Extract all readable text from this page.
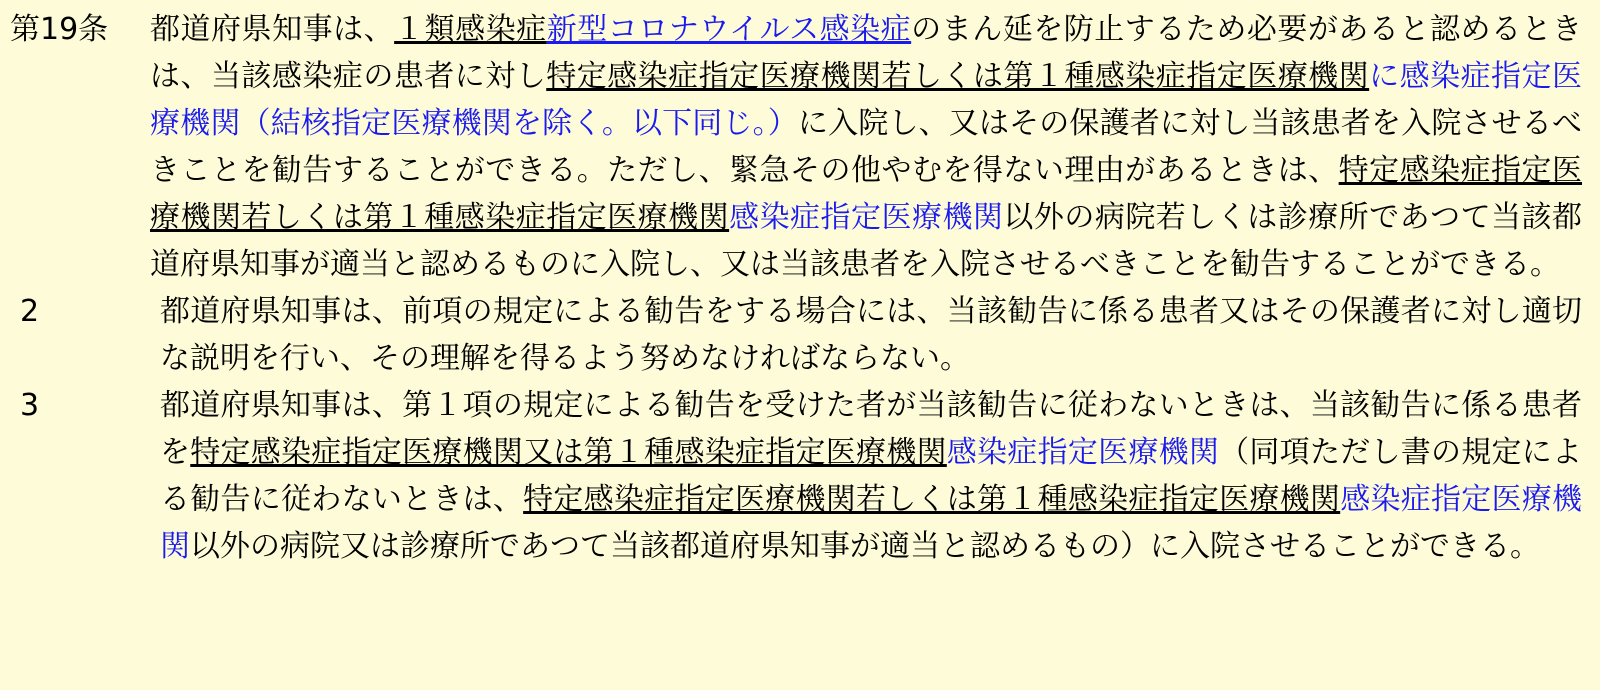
第19条	都道府県知事は、１類感染症新型コロナウイルス感染症のまん延を防止するため必要があると認めるときは、当該感染症の患者に対し特定感染症指定医療機関若しくは第１種感染症指定医療機関に感染症指定医療機関（結核指定医療機関を除く。以下同じ。）に入院し、又はその保護者に対し当該患者を入院させるべきことを勧告することができる。ただし、緊急その他やむを得ない理由があるときは、特定感染症指定医療機関若しくは第１種感染症指定医療機関感染症指定医療機関以外の病院若しくは診療所であつて当該都道府県知事が適当と認めるものに入院し、又は当該患者を入院させるべきことを勧告することができる。
2	都道府県知事は、前項の規定による勧告をする場合には、当該勧告に係る患者又はその保護者に対し適切な説明を行い、その理解を得るよう努めなければならない。
3	都道府県知事は、第１項の規定による勧告を受けた者が当該勧告に従わないときは、当該勧告に係る患者を特定感染症指定医療機関又は第１種感染症指定医療機関感染症指定医療機関（同項ただし書の規定による勧告に従わないときは、特定感染症指定医療機関若しくは第１種感染症指定医療機関感染症指定医療機関以外の病院又は診療所であつて当該都道府県知事が適当と認めるもの）に入院させることができる。
